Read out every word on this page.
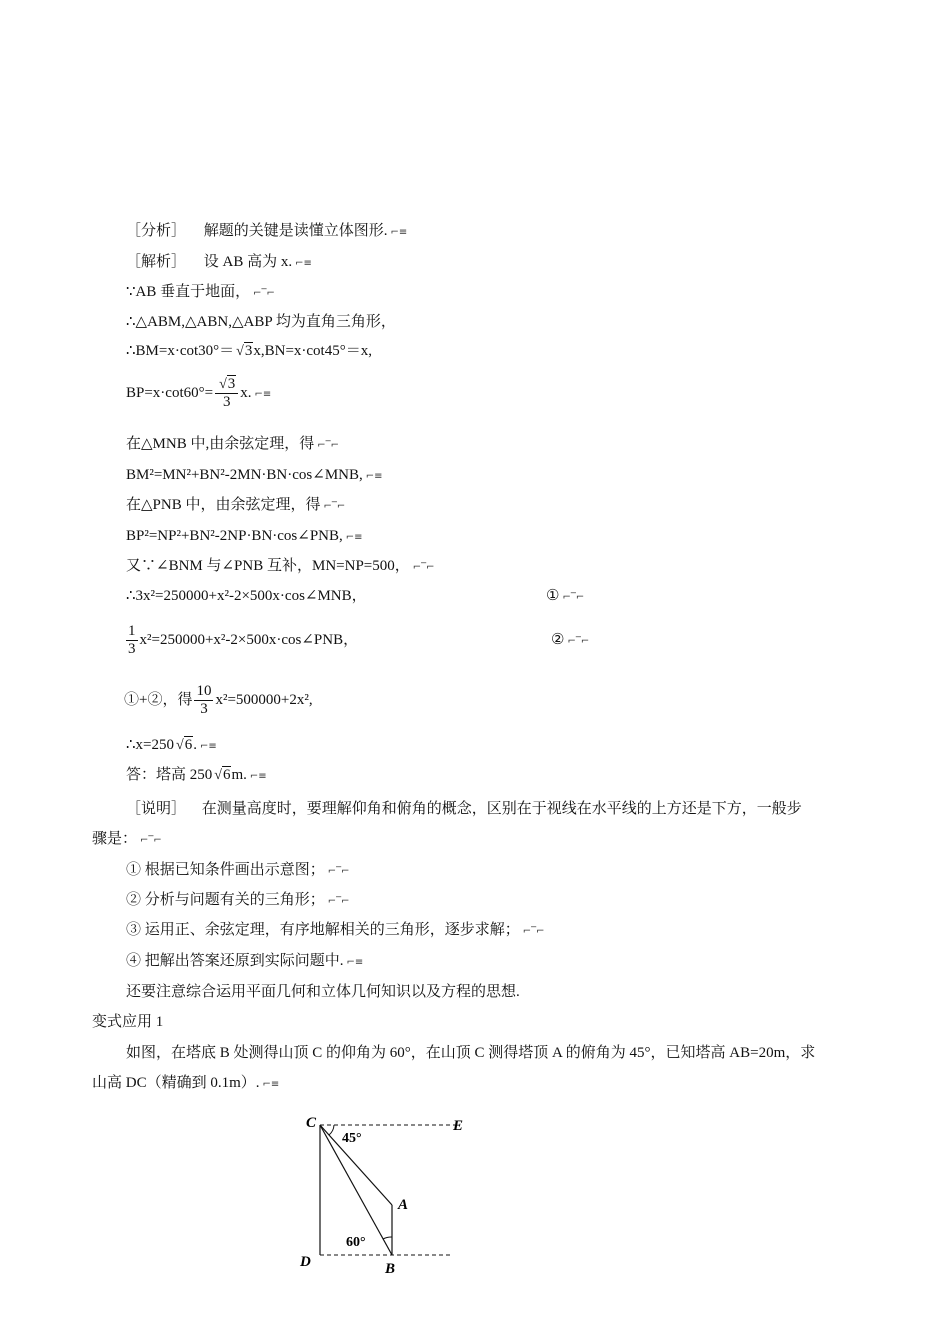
［分析］ 解题的关键是读懂立体图形. ⌐≡
［解析］ 设 AB 高为 x. ⌐≡
∵AB 垂直于地面， ⌐‾⌐
∴△ABM,△ABN,△ABP 均为直角三角形，
∴BM=x·cot30°＝ √3x,BN=x·cot45°＝x,
$BP=x\cdot\cot 60^\circ= \frac{√3}{3} x$. ⌐≡
在△MNB 中,由余弦定理，得 ⌐‾⌐
BM²=MN²+BN²-2MN·BN·cos∠MNB, ⌐≡
在△PNB 中，由余弦定理，得 ⌐‾⌐
BP²=NP²+BN²-2NP·BN·cos∠PNB, ⌐≡
又∵∠BNM 与∠PNB 互补，MN=NP=500， ⌐‾⌐
∴3x²=250000+x²-2×500x·cos∠MNB，	① ⌐‾⌐
$\frac{1}{3}$ x²=250000+x²-2×500x·cos∠PNB，	② ⌐‾⌐
①+②，得 $\frac{10}{3} x^2=500000+2x^2$,
∴x=250 √6. ⌐≡
答：塔高 250 √6m. ⌐≡
［说明］ 在测量高度时，要理解仰角和俯角的概念，区别在于视线在水平线的上方还是下方，一般步
骤是： ⌐‾⌐
① 根据已知条件画出示意图； ⌐‾⌐
② 分析与问题有关的三角形； ⌐‾⌐
③ 运用正、余弦定理，有序地解相关的三角形，逐步求解； ⌐‾⌐
④ 把解出答案还原到实际问题中. ⌐≡
还要注意综合运用平面几何和立体几何知识以及方程的思想.
变式应用 1
如图，在塔底 B 处测得山顶 C 的仰角为 60°，在山顶 C 测得塔顶 A 的俯角为 45°，已知塔高 AB=20m，求
山高 DC（精确到 0.1m）. ⌐≡
C	E
A
D	B
45°
60°
